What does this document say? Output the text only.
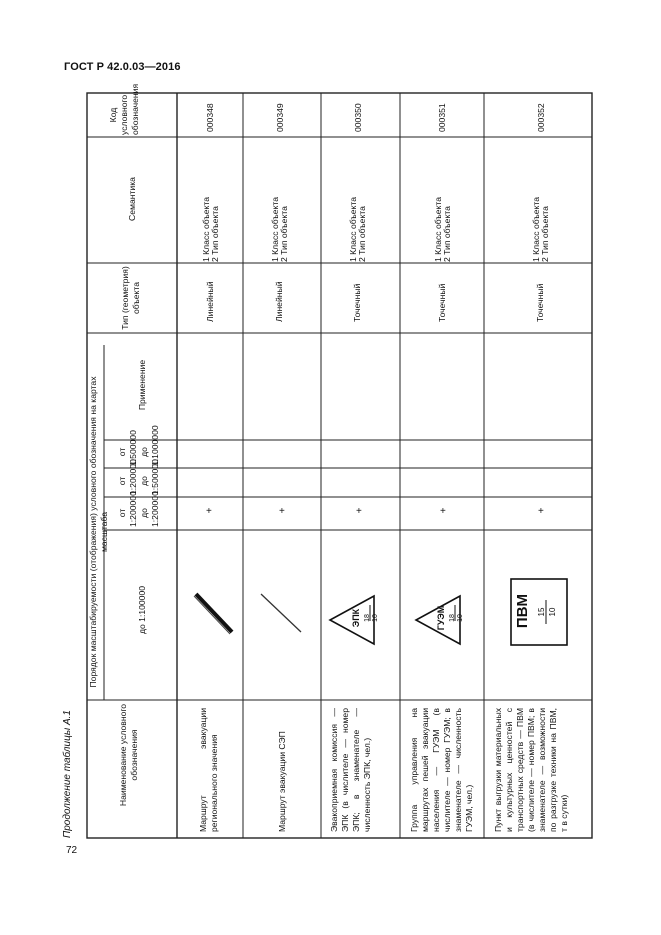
ГОСТ Р 42.0.03—2016
72
Продолжение таблицы А.1	Наименование условного обозначения
Порядок масштабируемости (отображения) условного обозначения на картах масштаба
до 1:100000
от 1:200000 до 1:200000
от 1:200000 до 1:500000
от 1:500000 до 1:1000000
Применение
Тип (геометрия) объекта
Семантика
Код условного обозначения
Маршрут эвакуации регионального значения
+
Линейный
1 Класс объекта 2 Тип объекта
000348
Маршрут эвакуации СЭП
+
Линейный
1 Класс объекта 2 Тип объекта
000349
Эвакоприемная комиссия — ЭПК (в числителе — номер ЭПК; в знаменателе — численность ЭПК, чел.)
ЭПК 18 10
+
Точечный
1 Класс объекта 2 Тип объекта
000350
Группа управления на маршрутах пешей эвакуации населения — ГУЭМ (в числителе — номер ГУЭМ; в знаменателе — численность ГУЭМ, чел.)
ГУЭМ 18 10
+
Точечный
1 Класс объекта 2 Тип объекта
000351
Пункт выгрузки материальных и культурных ценностей с транспортных средств — ПВМ (в числителе — номер ПВМ; в знаменателе — возможности по разгрузке техники на ПВМ, т в сутки)
ПВМ 15 10
+
Точечный
1 Класс объекта 2 Тип объекта
000352
